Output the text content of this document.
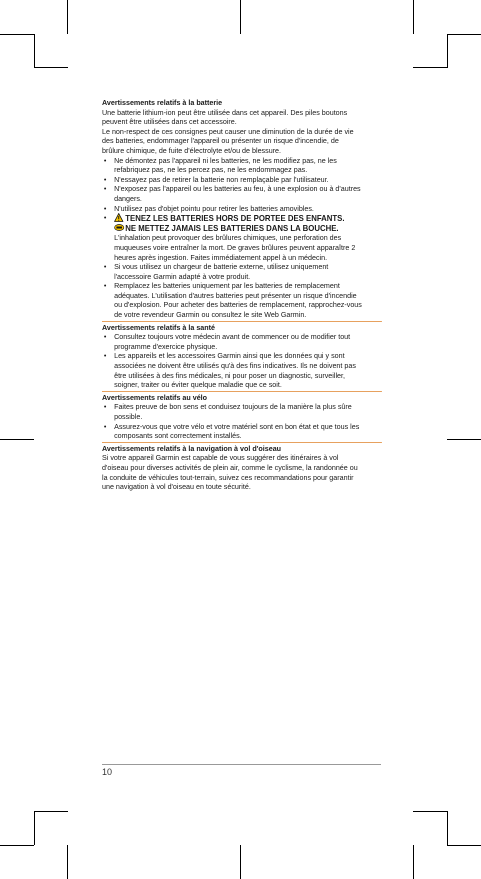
Avertissements relatifs à la batterie

Une batterie lithium-ion peut être utilisée dans cet appareil. Des piles boutons peuvent être utilisées dans cet accessoire.

Le non-respect de ces consignes peut causer une diminution de la durée de vie des batteries, endommager l'appareil ou présenter un risque d'incendie, de brûlure chimique, de fuite d'électrolyte et/ou de blessure.

• Ne démontez pas l'appareil ni les batteries, ne les modifiez pas, ne les refabriquez pas, ne les percez pas, ne les endommagez pas.
• N'essayez pas de retirer la batterie non remplaçable par l'utilisateur.
• N'exposez pas l'appareil ou les batteries au feu, à une explosion ou à d'autres dangers.
• N'utilisez pas d'objet pointu pour retirer les batteries amovibles.
• TENEZ LES BATTERIES HORS DE PORTEE DES ENFANTS.
NE METTEZ JAMAIS LES BATTERIES DANS LA BOUCHE. L'inhalation peut provoquer des brûlures chimiques, une perforation des muqueuses voire entraîner la mort. De graves brûlures peuvent apparaître 2 heures après ingestion. Faites immédiatement appel à un médecin.
• Si vous utilisez un chargeur de batterie externe, utilisez uniquement l'accessoire Garmin adapté à votre produit.
• Remplacez les batteries uniquement par les batteries de remplacement adéquates. L'utilisation d'autres batteries peut présenter un risque d'incendie ou d'explosion. Pour acheter des batteries de remplacement, rapprochez-vous de votre revendeur Garmin ou consultez le site Web Garmin.

Avertissements relatifs à la santé

• Consultez toujours votre médecin avant de commencer ou de modifier tout programme d'exercice physique.
• Les appareils et les accessoires Garmin ainsi que les données qui y sont associées ne doivent être utilisés qu'à des fins indicatives. Ils ne doivent pas être utilisées à des fins médicales, ni pour poser un diagnostic, surveiller, soigner, traiter ou éviter quelque maladie que ce soit.

Avertissements relatifs au vélo

• Faites preuve de bon sens et conduisez toujours de la manière la plus sûre possible.
• Assurez-vous que votre vélo et votre matériel sont en bon état et que tous les composants sont correctement installés.

Avertissements relatifs à la navigation à vol d'oiseau

Si votre appareil Garmin est capable de vous suggérer des itinéraires à vol d'oiseau pour diverses activités de plein air, comme le cyclisme, la randonnée ou la conduite de véhicules tout-terrain, suivez ces recommandations pour garantir une navigation à vol d'oiseau en toute sécurité.

10
